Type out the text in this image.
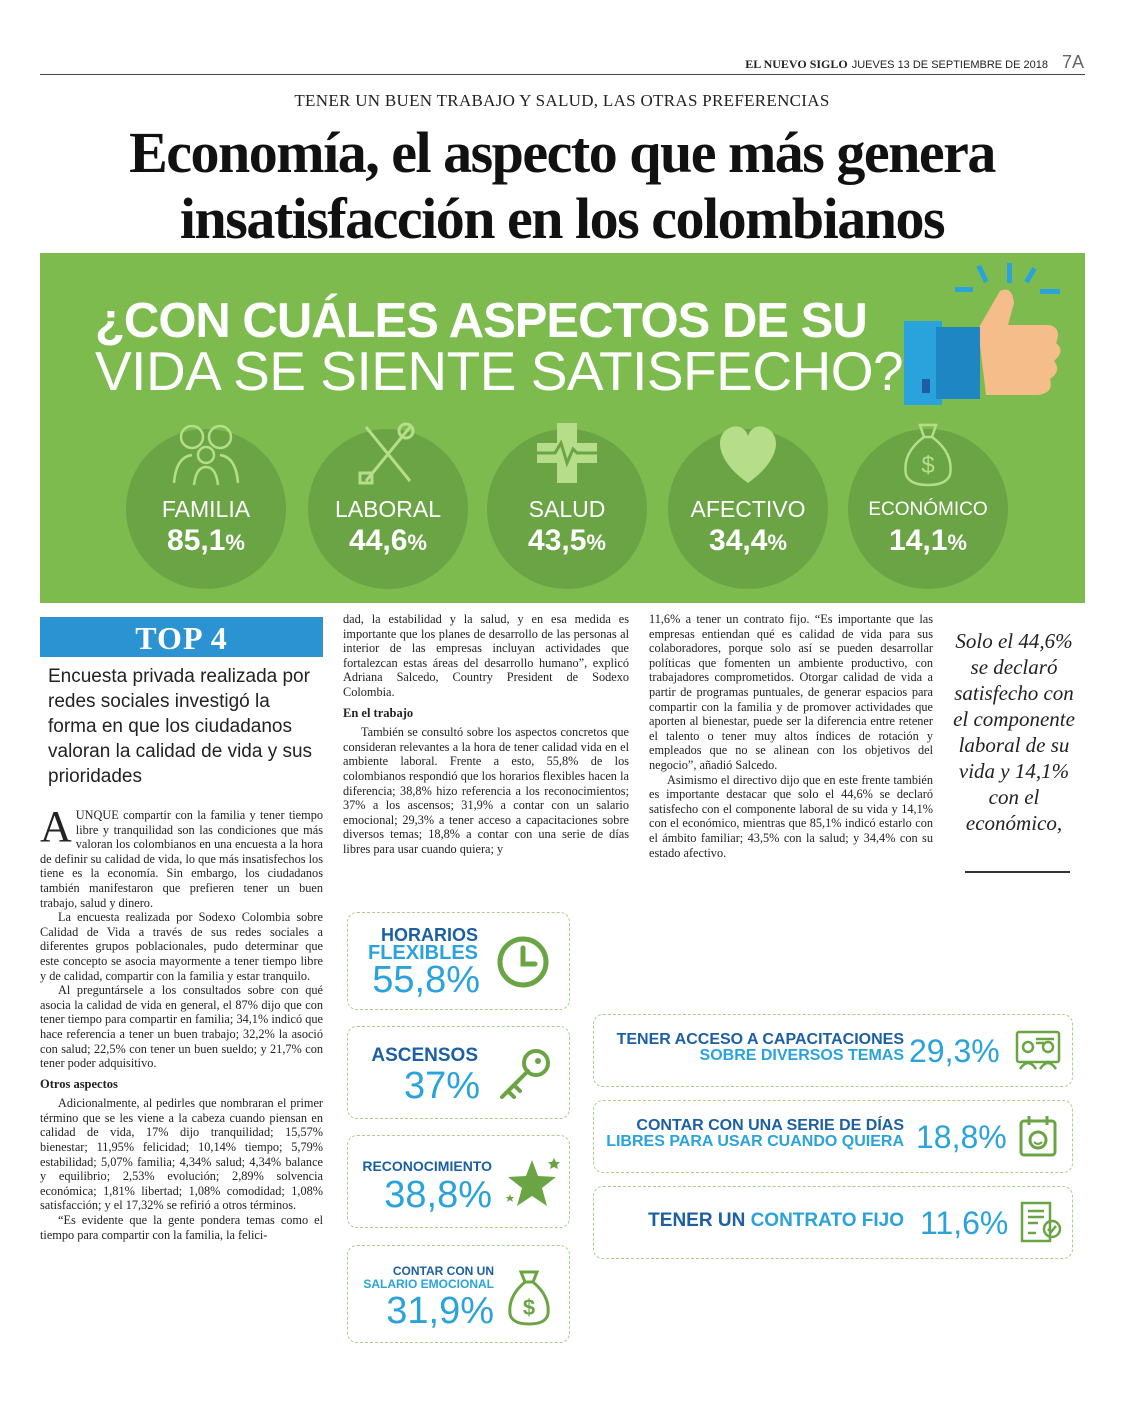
EL NUEVO SIGLO JUEVES 13 DE SEPTIEMBRE DE 2018 7A
TENER UN BUEN TRABAJO Y SALUD, LAS OTRAS PREFERENCIAS
Economía, el aspecto que más genera
insatisfacción en los colombianos
¿CON CUÁLES ASPECTOS DE SU
VIDA SE SIENTE SATISFECHO?
FAMILIA
85,1%
LABORAL
44,6%
SALUD
43,5%
AFECTIVO
34,4%
$
ECONÓMICO
14,1%
TOP 4
Encuesta privada realizada por redes sociales investigó la forma en que los ciudadanos valoran la calidad de vida y sus prioridades

AUNQUE compartir con la familia y tener tiempo libre y tranquilidad son las condiciones que más valoran los colombianos en una encuesta a la hora de definir su calidad de vida, lo que más insatisfechos los tiene es la economía. Sin embargo, los ciudadanos también manifestaron que prefieren tener un buen trabajo, salud y dinero.

La encuesta realizada por Sodexo Colombia sobre Calidad de Vida a través de sus redes sociales a diferentes grupos poblacionales, pudo determinar que este concepto se asocia mayormente a tener tiempo libre y de calidad, compartir con la familia y estar tranquilo.

Al preguntársele a los consultados sobre con qué asocia la calidad de vida en general, el 87% dijo que con tener tiempo para compartir en familia; 34,1% indicó que hace referencia a tener un buen trabajo; 32,2% la asoció con salud; 22,5% con tener un buen sueldo; y 21,7% con tener poder adquisitivo.

Otros aspectos

Adicionalmente, al pedirles que nombraran el primer término que se les viene a la cabeza cuando piensan en calidad de vida, 17% dijo tranquilidad; 15,57% bienestar; 11,95% felicidad; 10,14% tiempo; 5,79% estabilidad; 5,07% familia; 4,34% salud; 4,34% balance y equilibrio; 2,53% evolución; 2,89% solvencia económica; 1,81% libertad; 1,08% comodidad; 1,08% satisfacción; y el 17,32% se refirió a otros términos.

“Es evidente que la gente pondera temas como el tiempo para compartir con la familia, la felici-

dad, la estabilidad y la salud, y en esa medida es importante que los planes de desarrollo de las personas al interior de las empresas incluyan actividades que fortalezcan estas áreas del desarrollo humano”, explicó Adriana Salcedo, Country President de Sodexo Colombia.

En el trabajo

También se consultó sobre los aspectos concretos que consideran relevantes a la hora de tener calidad vida en el ambiente laboral. Frente a esto, 55,8% de los colombianos respondió que los horarios flexibles hacen la diferencia; 38,8% hizo referencia a los reconocimientos; 37% a los ascensos; 31,9% a contar con un salario emocional; 29,3% a tener acceso a capacitaciones sobre diversos temas; 18,8% a contar con una serie de días libres para usar cuando quiera; y

11,6% a tener un contrato fijo. “Es importante que las empresas entiendan qué es calidad de vida para sus colaboradores, porque solo así se pueden desarrollar políticas que fomenten un ambiente productivo, con trabajadores comprometidos. Otorgar calidad de vida a partir de programas puntuales, de generar espacios para compartir con la familia y de promover actividades que aporten al bienestar, puede ser la diferencia entre retener el talento o tener muy altos índices de rotación y empleados que no se alinean con los objetivos del negocio”, añadió Salcedo.

Asimismo el directivo dijo que en este frente también es importante destacar que solo el 44,6% se declaró satisfecho con el componente laboral de su vida y 14,1% con el económico, mientras que 85,1% indicó estarlo con el ámbito familiar; 43,5% con la salud; y 34,4% con su estado afectivo.

Solo el 44,6% se declaró satisfecho con el componente laboral de su vida y 14,1% con el económico,
HORARIOS
FLEXIBLES
55,8%
ASCENSOS
37%
RECONOCIMIENTO
38,8%
CONTAR CON UN
SALARIO EMOCIONAL
31,9% $
TENER ACCESO A CAPACITACIONES
SOBRE DIVERSOS TEMAS 29,3%
CONTAR CON UNA SERIE DE DÍAS
LIBRES PARA USAR CUANDO QUIERA 18,8%
TENER UN CONTRATO FIJO 11,6%
